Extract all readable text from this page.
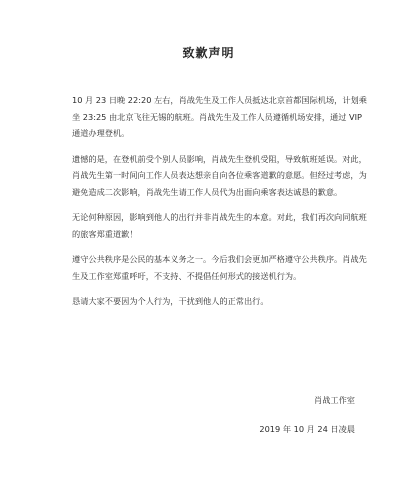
致歉声明

10 月 23 日晚 22:20 左右，肖战先生及工作人员抵达北京首都国际机场，计划乘坐 23:25 由北京飞往无锡的航班。肖战先生及工作人员遵循机场安排，通过 VIP 通道办理登机。

遗憾的是，在登机前受个别人员影响，肖战先生登机受阻，导致航班延误。对此，肖战先生第一时间向工作人员表达想亲自向各位乘客道歉的意愿。但经过考虑，为避免造成二次影响，肖战先生请工作人员代为出面向乘客表达诚恳的歉意。

无论何种原因，影响到他人的出行并非肖战先生的本意。对此，我们再次向同航班的旅客郑重道歉！

遵守公共秩序是公民的基本义务之一。今后我们会更加严格遵守公共秩序。肖战先生及工作室郑重呼吁，不支持、不提倡任何形式的接送机行为。

恳请大家不要因为个人行为，干扰到他人的正常出行。

肖战工作室
2019 年 10 月 24 日凌晨
